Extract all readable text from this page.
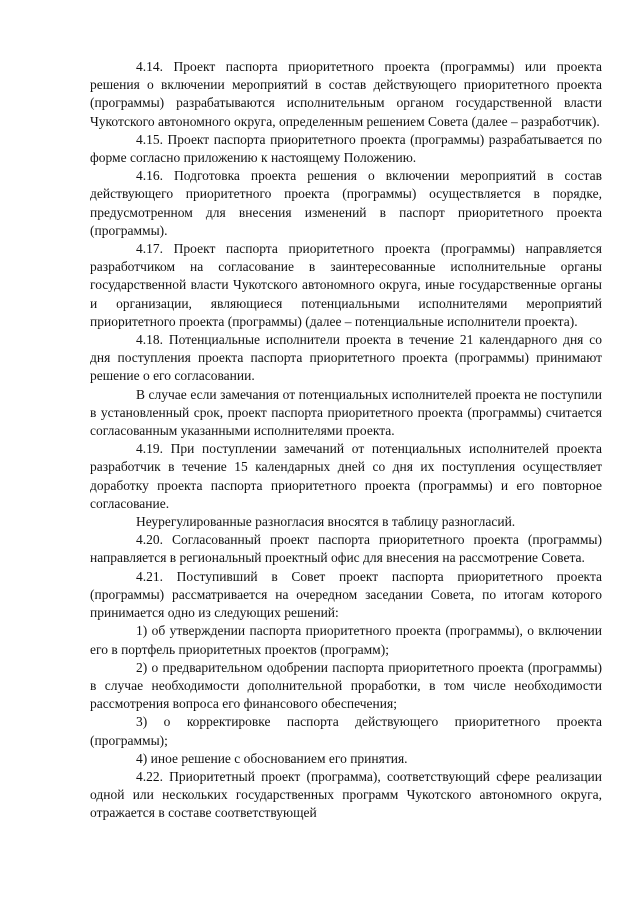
4.14. Проект паспорта приоритетного проекта (программы) или проекта решения о включении мероприятий в состав действующего приоритетного проекта (программы) разрабатываются исполнительным органом государственной власти Чукотского автономного округа, определенным решением Совета (далее – разработчик).

4.15. Проект паспорта приоритетного проекта (программы) разрабатывается по форме согласно приложению к настоящему Положению.

4.16. Подготовка проекта решения о включении мероприятий в состав действующего приоритетного проекта (программы) осуществляется в порядке, предусмотренном для внесения изменений в паспорт приоритетного проекта (программы).

4.17. Проект паспорта приоритетного проекта (программы) направляется разработчиком на согласование в заинтересованные исполнительные органы государственной власти Чукотского автономного округа, иные государственные органы и организации, являющиеся потенциальными исполнителями мероприятий приоритетного проекта (программы) (далее – потенциальные исполнители проекта).

4.18. Потенциальные исполнители проекта в течение 21 календарного дня со дня поступления проекта паспорта приоритетного проекта (программы) принимают решение о его согласовании.

В случае если замечания от потенциальных исполнителей проекта не поступили в установленный срок, проект паспорта приоритетного проекта (программы) считается согласованным указанными исполнителями проекта.

4.19. При поступлении замечаний от потенциальных исполнителей проекта разработчик в течение 15 календарных дней со дня их поступления осуществляет доработку проекта паспорта приоритетного проекта (программы) и его повторное согласование.

Неурегулированные разногласия вносятся в таблицу разногласий.

4.20. Согласованный проект паспорта приоритетного проекта (программы) направляется в региональный проектный офис для внесения на рассмотрение Совета.

4.21. Поступивший в Совет проект паспорта приоритетного проекта (программы) рассматривается на очередном заседании Совета, по итогам которого принимается одно из следующих решений:

1) об утверждении паспорта приоритетного проекта (программы), о включении его в портфель приоритетных проектов (программ);

2) о предварительном одобрении паспорта приоритетного проекта (программы) в случае необходимости дополнительной проработки, в том числе необходимости рассмотрения вопроса его финансового обеспечения;

3) о корректировке паспорта действующего приоритетного проекта (программы);

4) иное решение с обоснованием его принятия.

4.22. Приоритетный проект (программа), соответствующий сфере реализации одной или нескольких государственных программ Чукотского автономного округа, отражается в составе соответствующей
